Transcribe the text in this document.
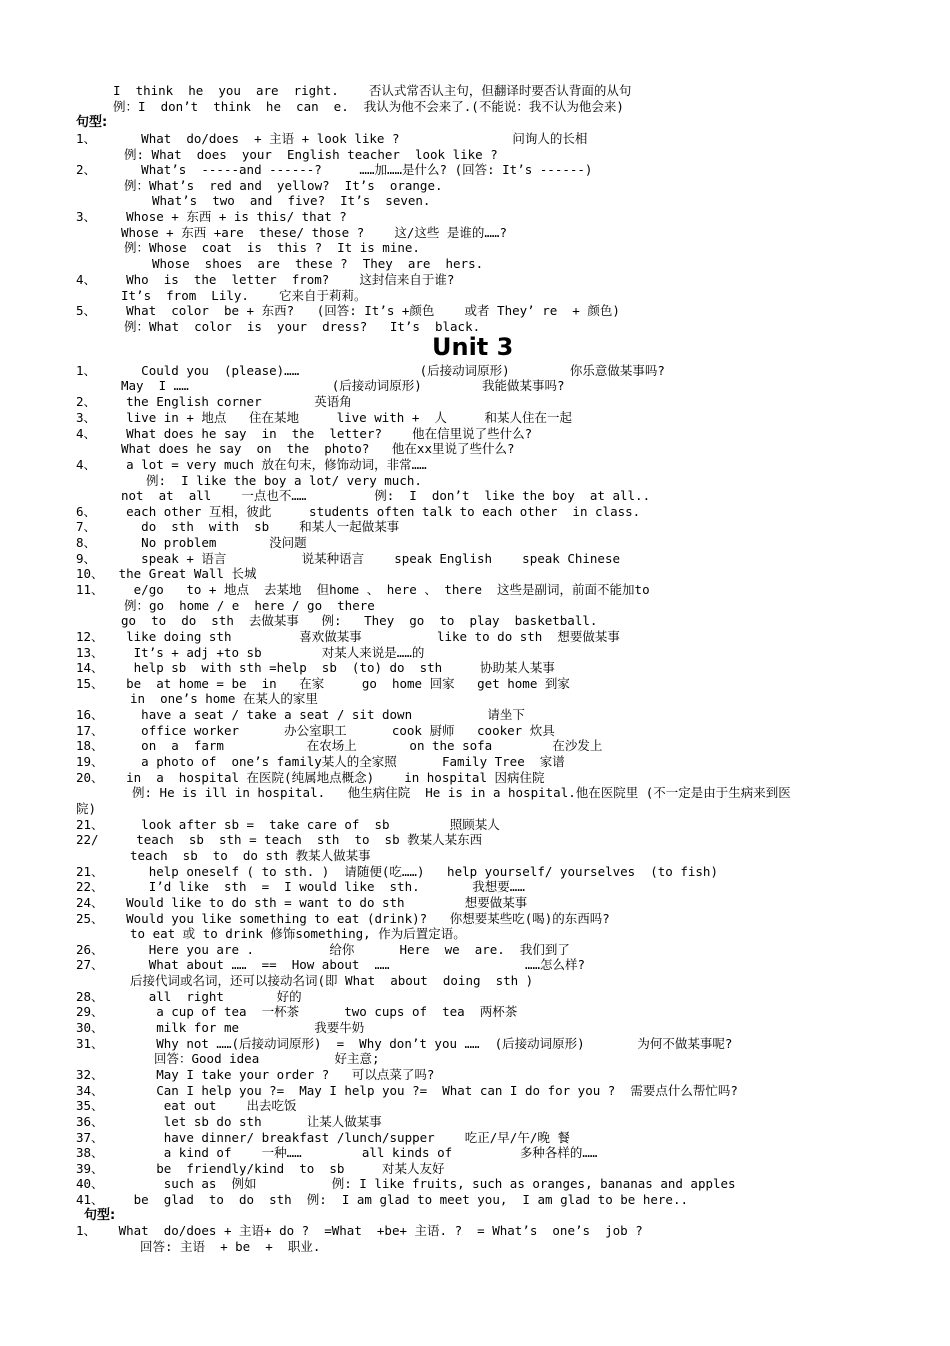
I  think  he  you  are  right.    否认式常否认主句，但翻译时要否认背面的从句
例：I  don’t  think  he  can  e.  我认为他不会来了.(不能说：我不认为他会来)
句型:
1、      What  do/does  + 主语 + look like ?               问询人的长相
例: What  does  your  English teacher  look like ?
2、      What’s  -----and ------?     ……加……是什么? (回答: It’s ------)
例：What’s  red and  yellow?  It’s  orange.
What’s  two  and  five?  It’s  seven.
3、    Whose + 东西 + is this/ that ?
Whose + 东西 +are  these/ those ?    这/这些 是谁的……?
例：Whose  coat  is  this ?  It is mine.
Whose  shoes  are  these ?  They  are  hers.
4、    Who  is  the  letter  from?    这封信来自于谁?
It’s  from  Lily.    它来自于莉莉。
5、    What  color  be + 东西?   (回答: It’s +颜色    或者 They’ re  + 颜色)
例：What  color  is  your  dress?   It’s  black.
Unit 3
1、      Could you  (please)……                (后接动词原形)        你乐意做某事吗?
May  I ……                   (后接动词原形)        我能做某事吗?
2、    the English corner       英语角
3、    live in + 地点   住在某地     live with +  人     和某人住在一起
4、    What does he say  in  the  letter?    他在信里说了些什么?
What does he say  on  the  photo?   他在xx里说了些什么?
4、    a lot = very much 放在句末，修饰动词，非常……
例:  I like the boy a lot/ very much.
not  at  all    一点也不……         例:  I  don’t  like the boy  at all..
6、    each other 互相，彼此     students often talk to each other  in class.
7、      do  sth  with  sb    和某人一起做某事
8、      No problem       没问题
9、      speak + 语言          说某种语言    speak English    speak Chinese
10、  the Great Wall 长城
11、    e/go   to + 地点  去某地  但home 、 here 、 there  这些是副词，前面不能加to
例：go  home / e  here / go  there
go  to  do  sth  去做某事   例:   They  go  to  play  basketball.
12、   like doing sth         喜欢做某事          like to do sth  想要做某事
13、    It’s + adj +to sb        对某人来说是……的
14、    help sb  with sth =help  sb  (to) do  sth     协助某人某事
15、   be  at home = be  in   在家     go  home 回家   get home 到家
in  one’s home 在某人的家里
16、     have a seat / take a seat / sit down          请坐下
17、     office worker      办公室职工      cook 厨师   cooker 炊具
18、     on  a  farm           在农场上       on the sofa        在沙发上
19、     a photo of  one’s family某人的全家照      Family Tree  家谱
20、   in  a  hospital 在医院(纯属地点概念)    in hospital 因病住院
例: He is ill in hospital.   他生病住院  He is in a hospital.他在医院里 (不一定是由于生病来到医
院)
21、     look after sb =  take care of  sb        照顾某人
22/     teach  sb  sth = teach  sth  to  sb 教某人某东西
teach  sb  to  do sth 教某人做某事
21、      help oneself ( to sth. )  请随便(吃……)   help yourself/ yourselves  (to fish)
22、      I’d like  sth  =  I would like  sth.       我想要……
24、   Would like to do sth = want to do sth        想要做某事
25、   Would you like something to eat (drink)?   你想要某些吃(喝)的东西吗?
to eat 或 to drink 修饰something, 作为后置定语。
26、      Here you are .          给你      Here  we  are.  我们到了
27、      What about ……  ==  How about  ……                  ……怎么样?
后接代词或名词，还可以接动名词(即 What  about  doing  sth )
28、      all  right       好的
29、       a cup of tea  一杯茶      two cups of  tea  两杯茶
30、       milk for me          我要牛奶
31、       Why not ……(后接动词原形)  =  Why don’t you ……  (后接动词原形)       为何不做某事呢?
回答：Good idea          好主意;
32、       May I take your order ?   可以点菜了吗?
34、       Can I help you ?=  May I help you ?=  What can I do for you ?  需要点什么帮忙吗?
35、        eat out    出去吃饭
36、        let sb do sth      让某人做某事
37、        have dinner/ breakfast /lunch/supper    吃正/早/午/晚 餐
38、        a kind of    一种……        all kinds of         多种各样的……
39、       be  friendly/kind  to  sb     对某人友好
40、        such as  例如          例: I like fruits, such as oranges, bananas and apples
41、    be  glad  to  do  sth  例:  I am glad to meet you,  I am glad to be here..
句型:
1、   What  do/does + 主语+ do ?  =What  +be+ 主语. ?  = What’s  one’s  job ?
回答: 主语  + be  +  职业.
